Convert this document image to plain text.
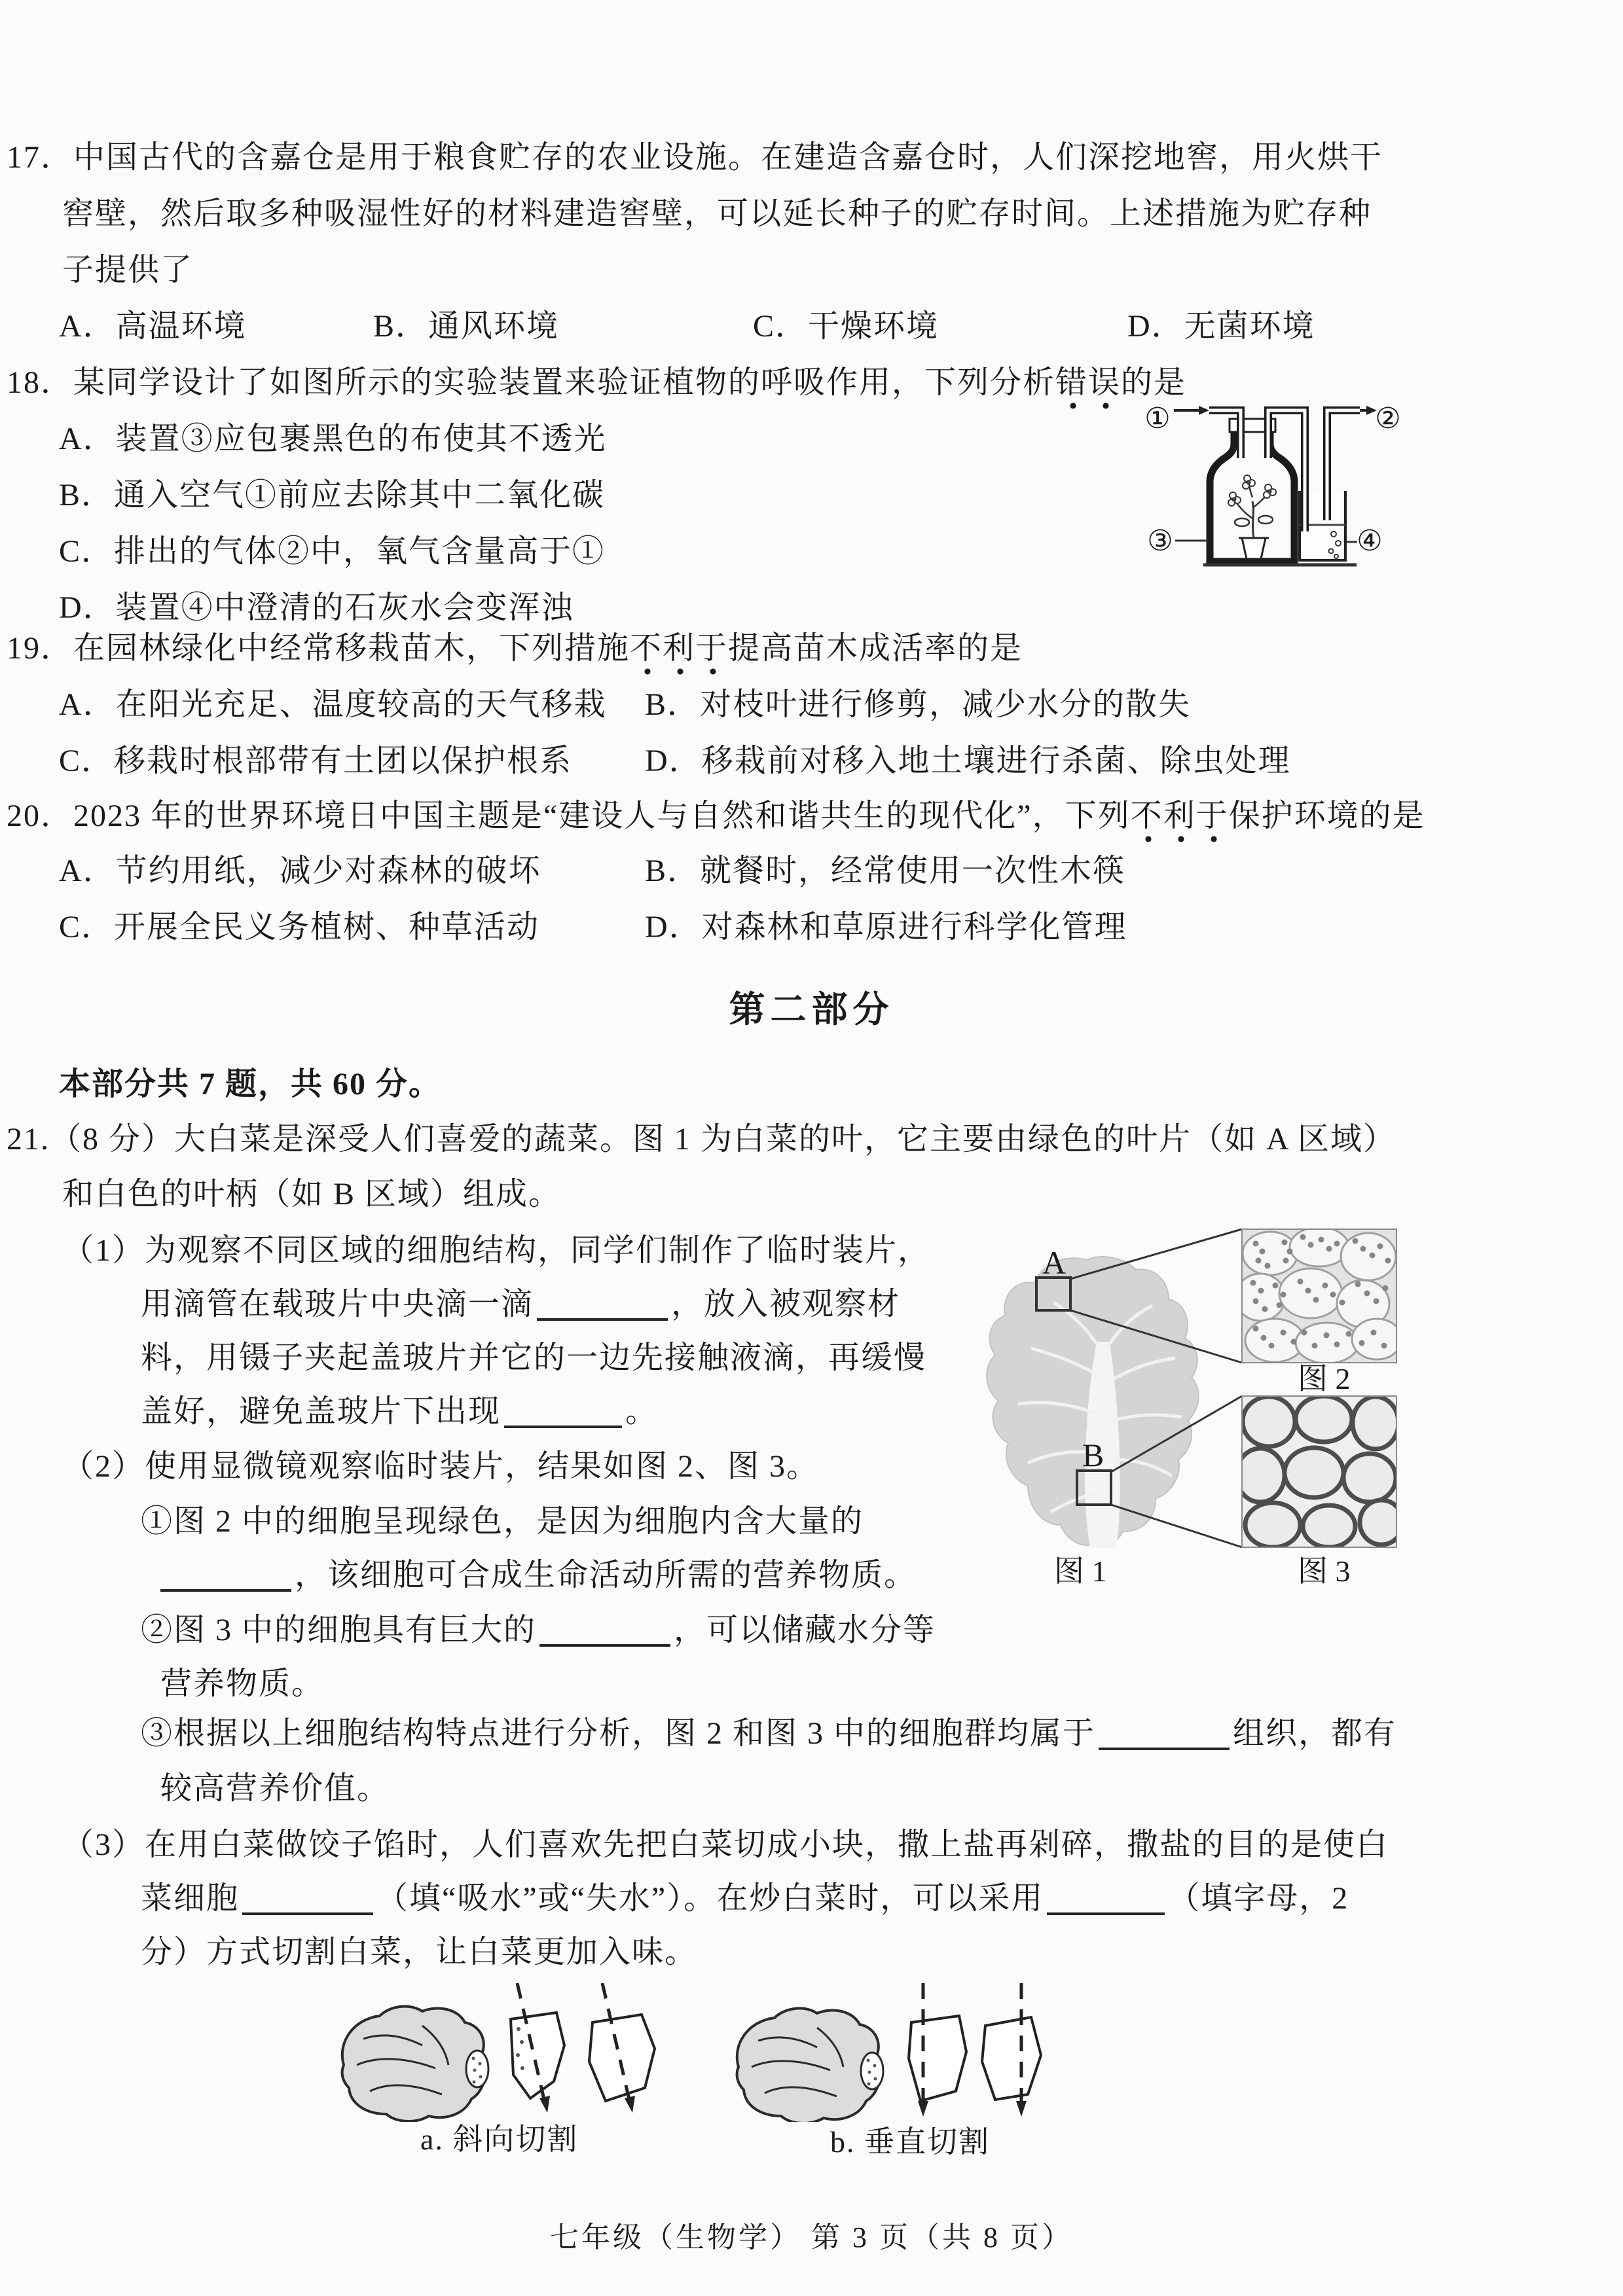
17．中国古代的含嘉仓是用于粮食贮存的农业设施。在建造含嘉仓时，人们深挖地窖，用火烘干
窖壁，然后取多种吸湿性好的材料建造窖壁，可以延长种子的贮存时间。上述措施为贮存种
子提供了
A．高温环境	B．通风环境	C．干燥环境	D．无菌环境
18．某同学设计了如图所示的实验装置来验证植物的呼吸作用，下列分析错误的是
A．装置③应包裹黑色的布使其不透光
B．通入空气①前应去除其中二氧化碳
C．排出的气体②中，氧气含量高于①
D．装置④中澄清的石灰水会变浑浊
①	②
③	④
19．在园林绿化中经常移栽苗木，下列措施不利于提高苗木成活率的是
A．在阳光充足、温度较高的天气移栽 B．对枝叶进行修剪，减少水分的散失
C．移栽时根部带有土团以保护根系 D．移栽前对移入地土壤进行杀菌、除虫处理
20．2023 年的世界环境日中国主题是“建设人与自然和谐共生的现代化”，下列不利于保护环境的是
A．节约用纸，减少对森林的破坏	B．就餐时，经常使用一次性木筷
C．开展全民义务植树、种草活动	D．对森林和草原进行科学化管理
第二部分
本部分共 7 题，共 60 分。
21.（8 分）大白菜是深受人们喜爱的蔬菜。图 1 为白菜的叶，它主要由绿色的叶片（如 A 区域）
和白色的叶柄（如 B 区域）组成。
（1）为观察不同区域的细胞结构，同学们制作了临时装片，
用滴管在载玻片中央滴一滴	，放入被观察材
料，用镊子夹起盖玻片并它的一边先接触液滴，再缓慢
盖好，避免盖玻片下出现	。
（2）使用显微镜观察临时装片，结果如图 2、图 3。
①图 2 中的细胞呈现绿色，是因为细胞内含大量的
，该细胞可合成生命活动所需的营养物质。
②图 3 中的细胞具有巨大的	，可以储藏水分等
营养物质。
③根据以上细胞结构特点进行分析，图 2 和图 3 中的细胞群均属于	组织，都有
较高营养价值。
（3）在用白菜做饺子馅时，人们喜欢先把白菜切成小块，撒上盐再剁碎，撒盐的目的是使白
菜细胞	（填“吸水”或“失水”）。在炒白菜时，可以采用	（填字母，2
分）方式切割白菜，让白菜更加入味。
A
B
图 2
图 1	图 3
a. 斜向切割	b. 垂直切割
七年级（生物学） 第 3 页（共 8 页）
